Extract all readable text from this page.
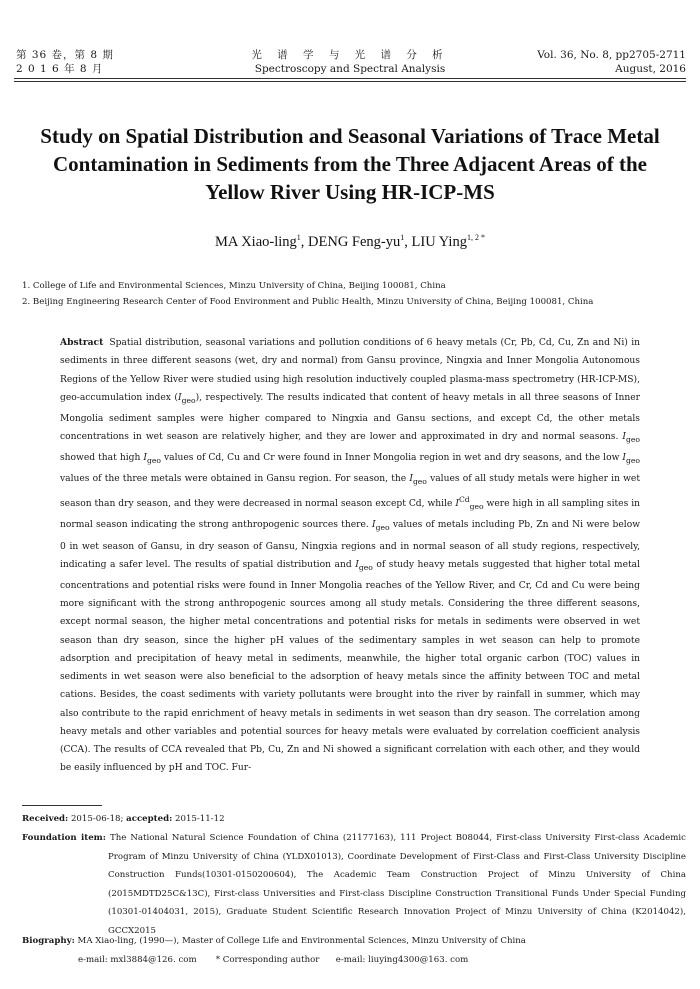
第 36 卷，第 8 期
2 0 1 6 年 8 月
光 谱 学 与 光 谱 分 析
Spectroscopy and Spectral Analysis
Vol. 36, No. 8, pp2705-2711
August, 2016
Study on Spatial Distribution and Seasonal Variations of Trace Metal Contamination in Sediments from the Three Adjacent Areas of the Yellow River Using HR-ICP-MS
MA Xiao-ling$^1$, DENG Feng-$yu^1$, LIU Ying$^{1, 2 *}$
1. College of Life and Environmental Sciences, Minzu University of China, Beijing 100081, China
2. Beijing Engineering Research Center of Food Environment and Public Health, Minzu University of China, Beijing 100081, China
Abstract Spatial distribution, seasonal variations and pollution conditions of 6 heavy metals (Cr, Pb, Cd, Cu, Zn and Ni) in sediments in three different seasons (wet, dry and normal) from Gansu province, Ningxia and Inner Mongolia Autonomous Regions of the Yellow River were studied using high resolution inductively coupled plasma-mass spectrometry (HR-ICP-MS), geo-accumulation index $(I_{geo})$, respectively. The results indicated that content of heavy metals in all three seasons of Inner Mongolia sediment samples were higher compared to Ningxia and Gansu sections, and except Cd, the other metals concentrations in wet season are relatively higher, and they are lower and approximated in dry and normal seasons. $I_{geo}$ showed that high $I_{geo}$ values of Cd, Cu and Cr were found in Inner Mongolia region in wet and dry seasons, and the low $I_{geo}$ values of the three metals were obtained in Gansu region. For season, the $I_{geo}$ values of all study metals were higher in wet season than dry season, and they were decreased in normal season except Cd, while $I^{Cd}_{geo}$ were high in all sampling sites in normal season indicating the strong anthropogenic sources there. $I_{geo}$ values of metals including Pb, Zn and Ni were below 0 in wet season of Gansu, in dry season of Gansu, Ningxia regions and in normal season of all study regions, respectively, indicating a safer level. The results of spatial distribution and $I_{geo}$ of study heavy metals suggested that higher total metal concentrations and potential risks were found in Inner Mongolia reaches of the Yellow River, and Cr, Cd and Cu were being more significant with the strong anthropogenic sources among all study metals. Considering the three different seasons, except normal season, the higher metal concentrations and potential risks for metals in sediments were observed in wet season than dry season, since the higher pH values of the sedimentary samples in wet season can help to promote adsorption and precipitation of heavy metal in sediments, meanwhile, the higher total organic carbon (TOC) values in sediments in wet season were also beneficial to the adsorption of heavy metals since the affinity between TOC and metal cations. Besides, the coast sediments with variety pollutants were brought into the river by rainfall in summer, which may also contribute to the rapid enrichment of heavy metals in sediments in wet season than dry season. The correlation among heavy metals and other variables and potential sources for heavy metals were evaluated by correlation coefficient analysis (CCA). The results of CCA revealed that Pb, Cu, Zn and Ni showed a significant correlation with each other, and they would be easily influenced by pH and TOC. Fur-
Received: 2015-06-18; accepted: 2015-11-12
Foundation item: The National Natural Science Foundation of China (21177163), 111 Project B08044, First-class University First-class Academic Program of Minzu University of China (YLDX01013), Coordinate Development of First-Class and First-Class University Discipline Construction Funds(10301-0150200604), The Academic Team Construction Project of Minzu University of China (2015MDTD25C&13C), First-class Universities and First-class Discipline Construction Transitional Funds Under Special Funding (10301-01404031, 2015), Graduate Student Scientific Research Innovation Project of Minzu University of China (K2014042), GCCX2015
Biography: MA Xiao-ling, (1990—), Master of College Life and Environmental Sciences, Minzu University of China
e-mail: mxl3884@126. com * Corresponding author e-mail: liuying4300@163. com
